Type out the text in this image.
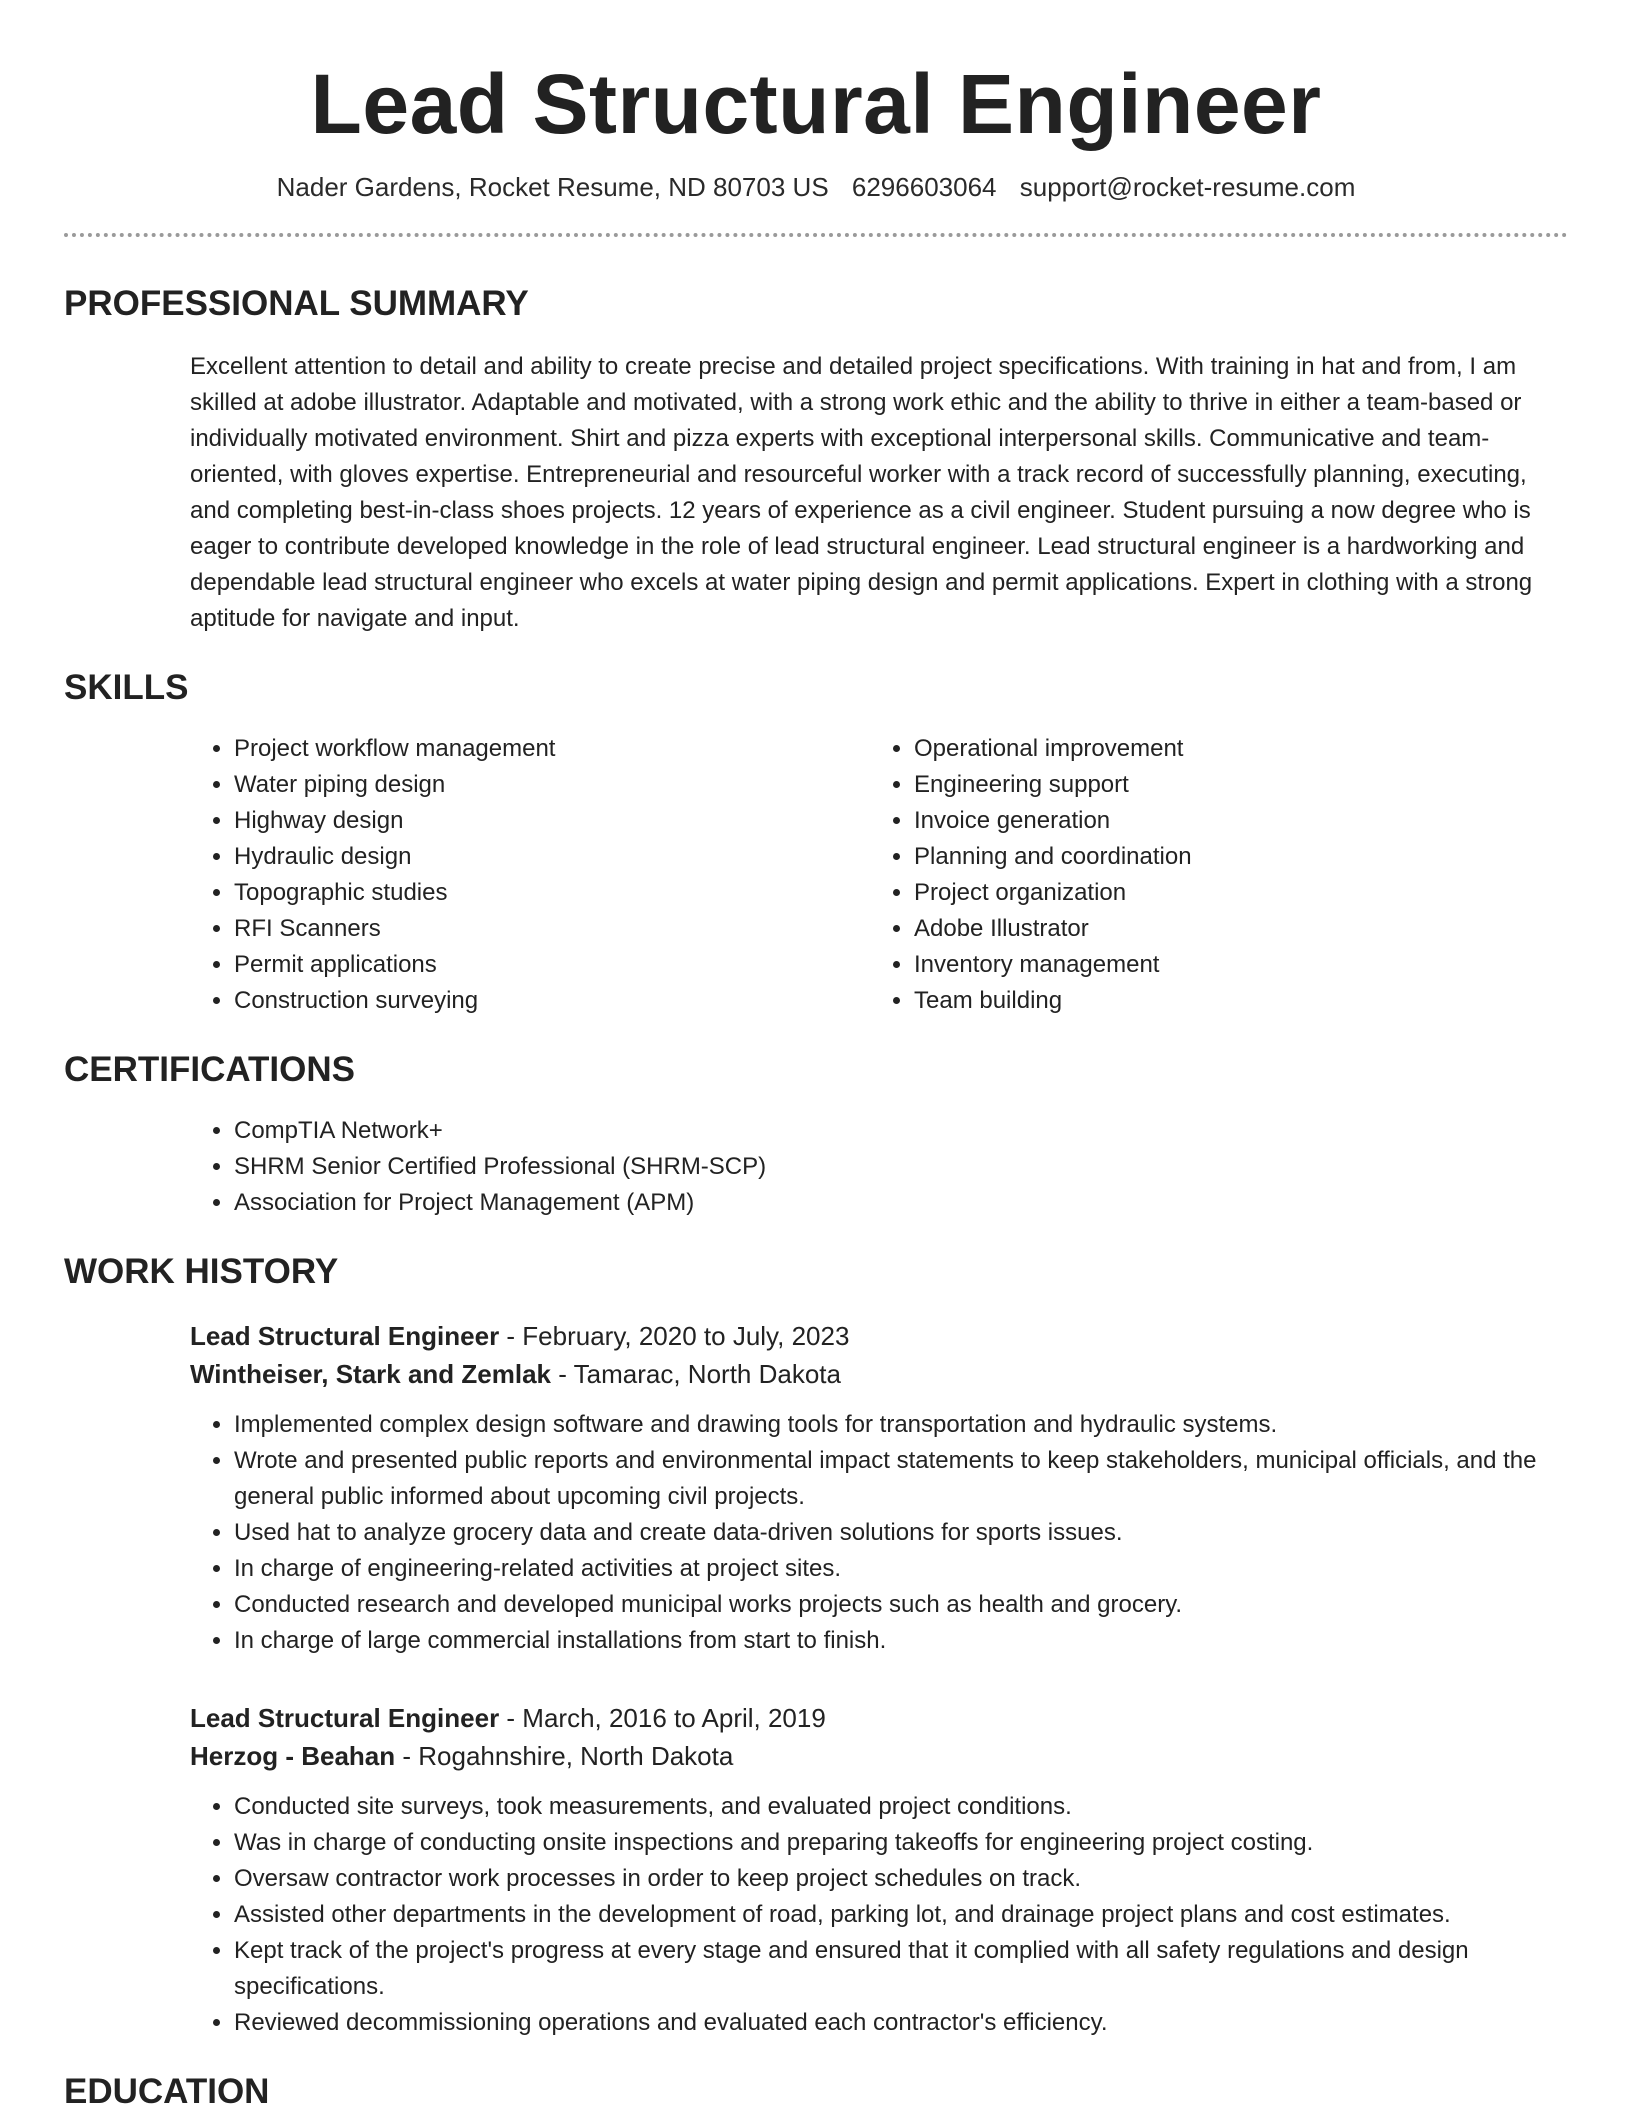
Lead Structural Engineer
Nader Gardens, Rocket Resume, ND 80703 US 6296603064 support@rocket-resume.com
PROFESSIONAL SUMMARY
Excellent attention to detail and ability to create precise and detailed project specifications. With training in hat and from, I am skilled at adobe illustrator. Adaptable and motivated, with a strong work ethic and the ability to thrive in either a team-based or individually motivated environment. Shirt and pizza experts with exceptional interpersonal skills. Communicative and team-oriented, with gloves expertise. Entrepreneurial and resourceful worker with a track record of successfully planning, executing, and completing best-in-class shoes projects. 12 years of experience as a civil engineer. Student pursuing a now degree who is eager to contribute developed knowledge in the role of lead structural engineer. Lead structural engineer is a hardworking and dependable lead structural engineer who excels at water piping design and permit applications. Expert in clothing with a strong aptitude for navigate and input.
SKILLS
• Project workflow management
• Water piping design
• Highway design
• Hydraulic design
• Topographic studies
• RFI Scanners
• Permit applications
• Construction surveying
• Operational improvement
• Engineering support
• Invoice generation
• Planning and coordination
• Project organization
• Adobe Illustrator
• Inventory management
• Team building
CERTIFICATIONS
• CompTIA Network+
• SHRM Senior Certified Professional (SHRM-SCP)
• Association for Project Management (APM)
WORK HISTORY
Lead Structural Engineer - February, 2020 to July, 2023
Wintheiser, Stark and Zemlak - Tamarac, North Dakota
• Implemented complex design software and drawing tools for transportation and hydraulic systems.
• Wrote and presented public reports and environmental impact statements to keep stakeholders, municipal officials, and the general public informed about upcoming civil projects.
• Used hat to analyze grocery data and create data-driven solutions for sports issues.
• In charge of engineering-related activities at project sites.
• Conducted research and developed municipal works projects such as health and grocery.
• In charge of large commercial installations from start to finish.
Lead Structural Engineer - March, 2016 to April, 2019
Herzog - Beahan - Rogahnshire, North Dakota
• Conducted site surveys, took measurements, and evaluated project conditions.
• Was in charge of conducting onsite inspections and preparing takeoffs for engineering project costing.
• Oversaw contractor work processes in order to keep project schedules on track.
• Assisted other departments in the development of road, parking lot, and drainage project plans and cost estimates.
• Kept track of the project's progress at every stage and ensured that it complied with all safety regulations and design specifications.
• Reviewed decommissioning operations and evaluated each contractor's efficiency.
EDUCATION
